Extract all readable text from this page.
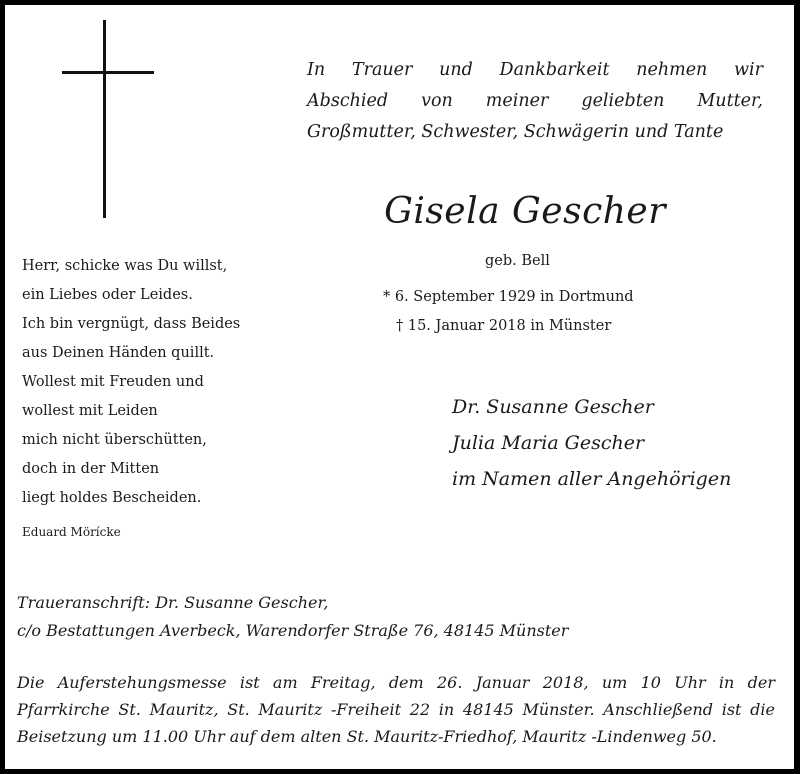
In Trauer und Dankbarkeit nehmen wir
Abschied von meiner geliebten Mutter,
Großmutter, Schwester, Schwägerin und Tante
Gisela Gescher
geb. Bell
* 6. September 1929 in Dortmund
† 15. Januar 2018 in Münster
Herr, schicke was Du willst,
ein Liebes oder Leides.
Ich bin vergnügt, dass Beides
aus Deinen Händen quillt.
Wollest mit Freuden und
wollest mit Leiden
mich nicht überschütten,
doch in der Mitten
liegt holdes Bescheiden.
Eduard Mörícke
Dr. Susanne Gescher
Julia Maria Gescher
im Namen aller Angehörigen
Traueranschrift: Dr. Susanne Gescher,
c/o Bestattungen Averbeck, Warendorfer Straße 76, 48145 Münster
Die Auferstehungsmesse ist am Freitag, dem 26. Januar 2018, um 10 Uhr in der
Pfarrkirche St. Mauritz, St. Mauritz -Freiheit 22 in 48145 Münster. Anschließend ist die
Beisetzung um 11.00 Uhr auf dem alten St. Mauritz-Friedhof, Mauritz -Lindenweg 50.
